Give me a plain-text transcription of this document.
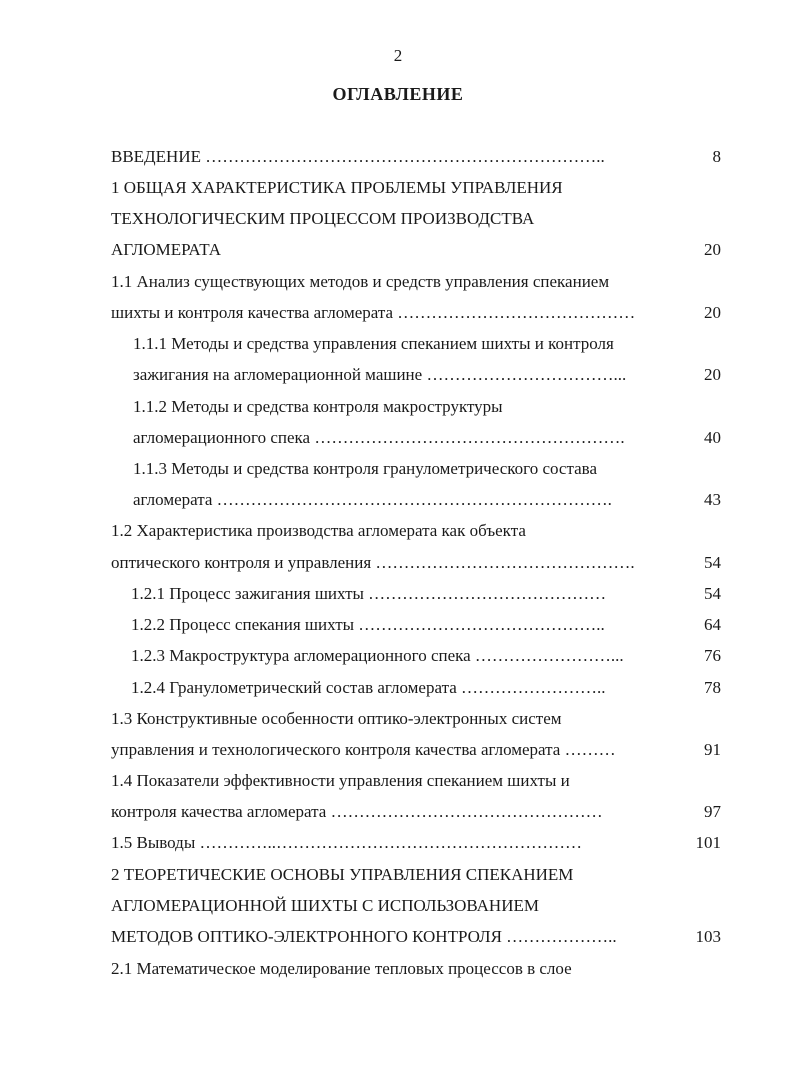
2
ОГЛАВЛЕНИЕ
ВВЕДЕНИЕ ……………………………………………………………..	8
1 ОБЩАЯ ХАРАКТЕРИСТИКА ПРОБЛЕМЫ УПРАВЛЕНИЯ
ТЕХНОЛОГИЧЕСКИМ ПРОЦЕССОМ ПРОИЗВОДСТВА
АГЛОМЕРАТА	20
1.1 Анализ существующих методов и средств управления спеканием
шихты и контроля качества агломерата ……………………………………	20
1.1.1 Методы и средства управления спеканием шихты и контроля
зажигания на агломерационной машине ……………………………...	20
1.1.2 Методы и средства контроля макроструктуры
агломерационного спека ……………………………………………….	40
1.1.3 Методы и средства контроля гранулометрического состава
агломерата …………………………………………………………….	43
1.2 Характеристика производства агломерата как объекта
оптического контроля и управления ……………………………………….	54
1.2.1 Процесс зажигания шихты ……………………………………	54
1.2.2 Процесс спекания шихты ……………………………………..	64
1.2.3 Макроструктура агломерационного спека ……………………...	76
1.2.4 Гранулометрический состав агломерата ……………………..	78
1.3 Конструктивные особенности оптико-электронных систем
управления и технологического контроля качества агломерата ………	91
1.4 Показатели эффективности управления спеканием шихты и
контроля качества агломерата …………………………………………	97
1.5 Выводы …………..………………………………………………	101
2 ТЕОРЕТИЧЕСКИЕ ОСНОВЫ УПРАВЛЕНИЯ СПЕКАНИЕМ
АГЛОМЕРАЦИОННОЙ ШИХТЫ С ИСПОЛЬЗОВАНИЕМ
МЕТОДОВ ОПТИКО-ЭЛЕКТРОННОГО КОНТРОЛЯ ………………..	103
2.1 Математическое моделирование тепловых процессов в слое
